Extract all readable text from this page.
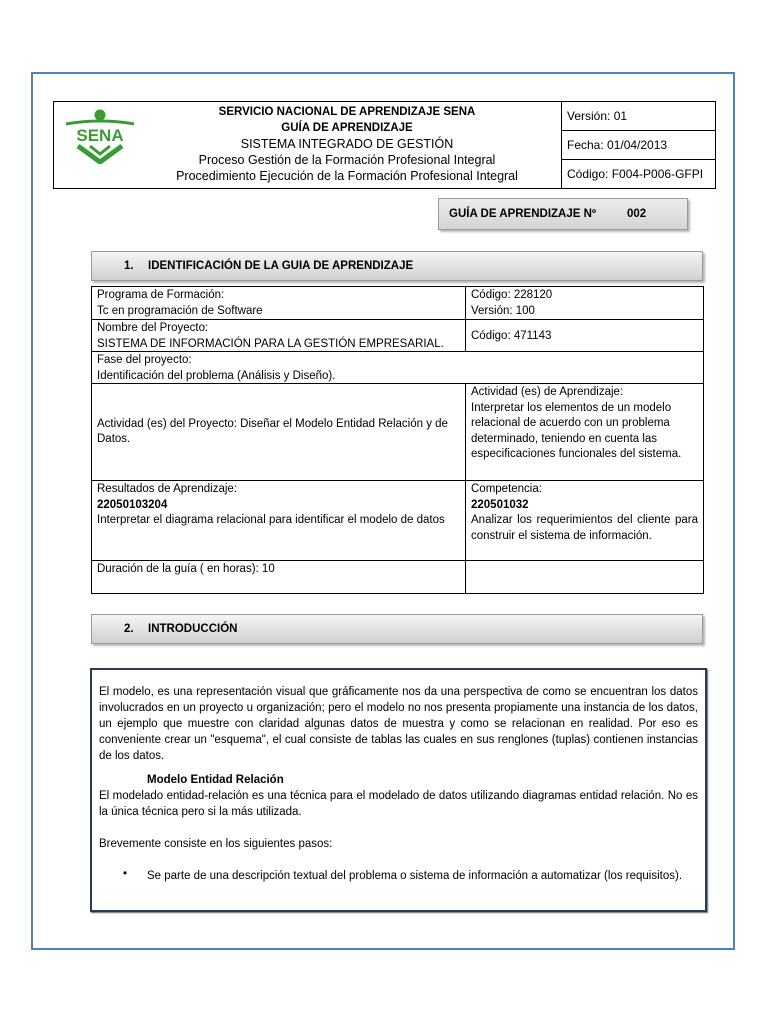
SENA
SERVICIO NACIONAL DE APRENDIZAJE SENA
GUÍA DE APRENDIZAJE
SISTEMA INTEGRADO DE GESTIÓN
Proceso Gestión de la Formación Profesional Integral
Procedimiento Ejecución de la Formación Profesional Integral
Versión: 01
Fecha: 01/04/2013
Código: F004-P006-GFPI
GUÍA DE APRENDIZAJE Nº	002
1. IDENTIFICACIÓN DE LA GUIA DE APRENDIZAJE
Programa de Formación:
Tc en programación de Software
Código: 228120
Versión: 100
Nombre del Proyecto:
SISTEMA DE INFORMACIÓN PARA LA GESTIÓN EMPRESARIAL.
Código: 471143
Fase del proyecto:
Identificación del problema (Análisis y Diseño).
Actividad (es) del Proyecto: Diseñar el Modelo Entidad Relación y de Datos.
Actividad (es) de Aprendizaje:
Interpretar los elementos de un modelo relacional de acuerdo con un problema determinado, teniendo en cuenta las especificaciones funcionales del sistema.
Resultados de Aprendizaje:
22050103204
Interpretar el diagrama relacional para identificar el modelo de datos
Competencia:
220501032
Analizar los requerimientos del cliente para construir el sistema de información.
Duración de la guía ( en horas): 10
2. INTRODUCCIÓN

El modelo, es una representación visual que gráficamente nos da una perspectiva de como se encuentran los datos involucrados en un proyecto u organización; pero el modelo no nos presenta propiamente una instancia de los datos, un ejemplo que muestre con claridad algunas datos de muestra y como se relacionan en realidad. Por eso es conveniente crear un "esquema", el cual consiste de tablas las cuales en sus renglones (tuplas) contienen instancias de los datos.

Modelo Entidad Relación

El modelado entidad-relación es una técnica para el modelado de datos utilizando diagramas entidad relación. No es la única técnica pero si la más utilizada.

Brevemente consiste en los siguientes pasos:

• Se parte de una descripción textual del problema o sistema de información a automatizar (los requisitos).
